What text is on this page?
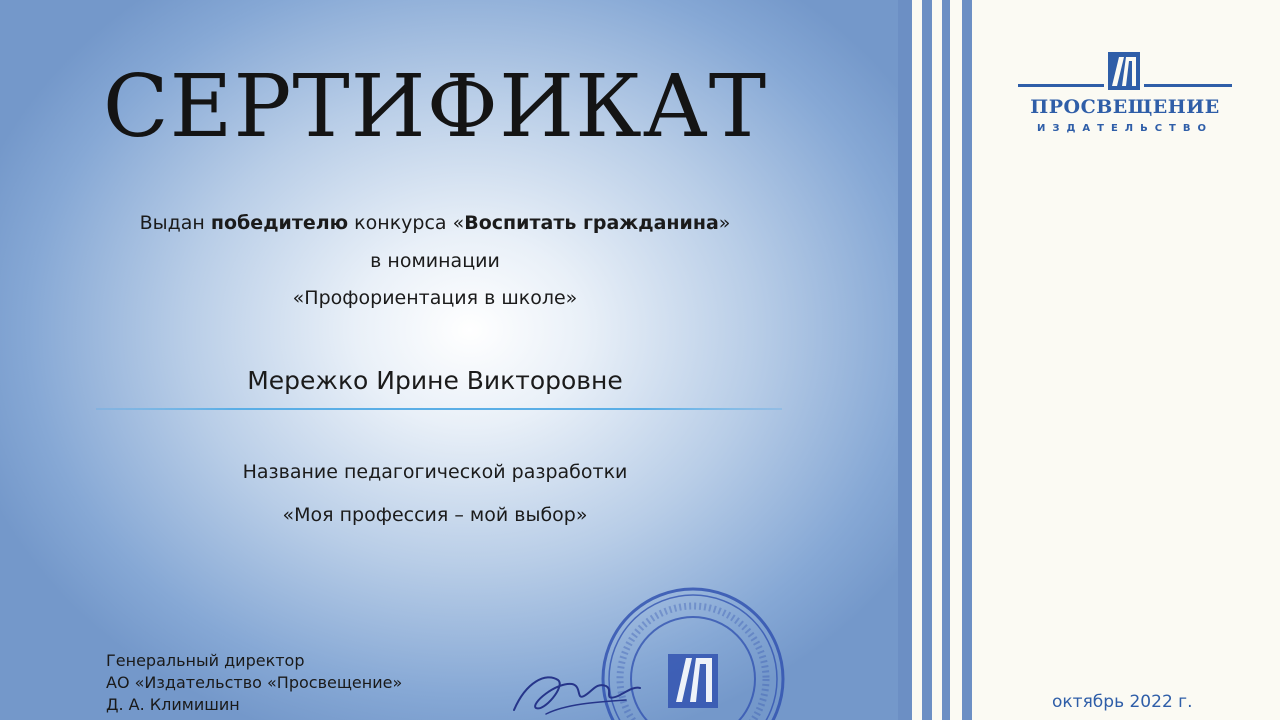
СЕРТИФИКАТ

Выдан победителю конкурса «Воспитать гражданина»

в номинации

«Профориентация в школе»

Мережко Ирине Викторовне

Название педагогической разработки

«Моя профессия – мой выбор»

Генеральный директор
АО «Издательство «Просвещение»
Д. А. Климишин
ПРОСВЕЩЕНИЕ
ИЗДАТЕЛЬСТВО
октябрь 2022 г.
